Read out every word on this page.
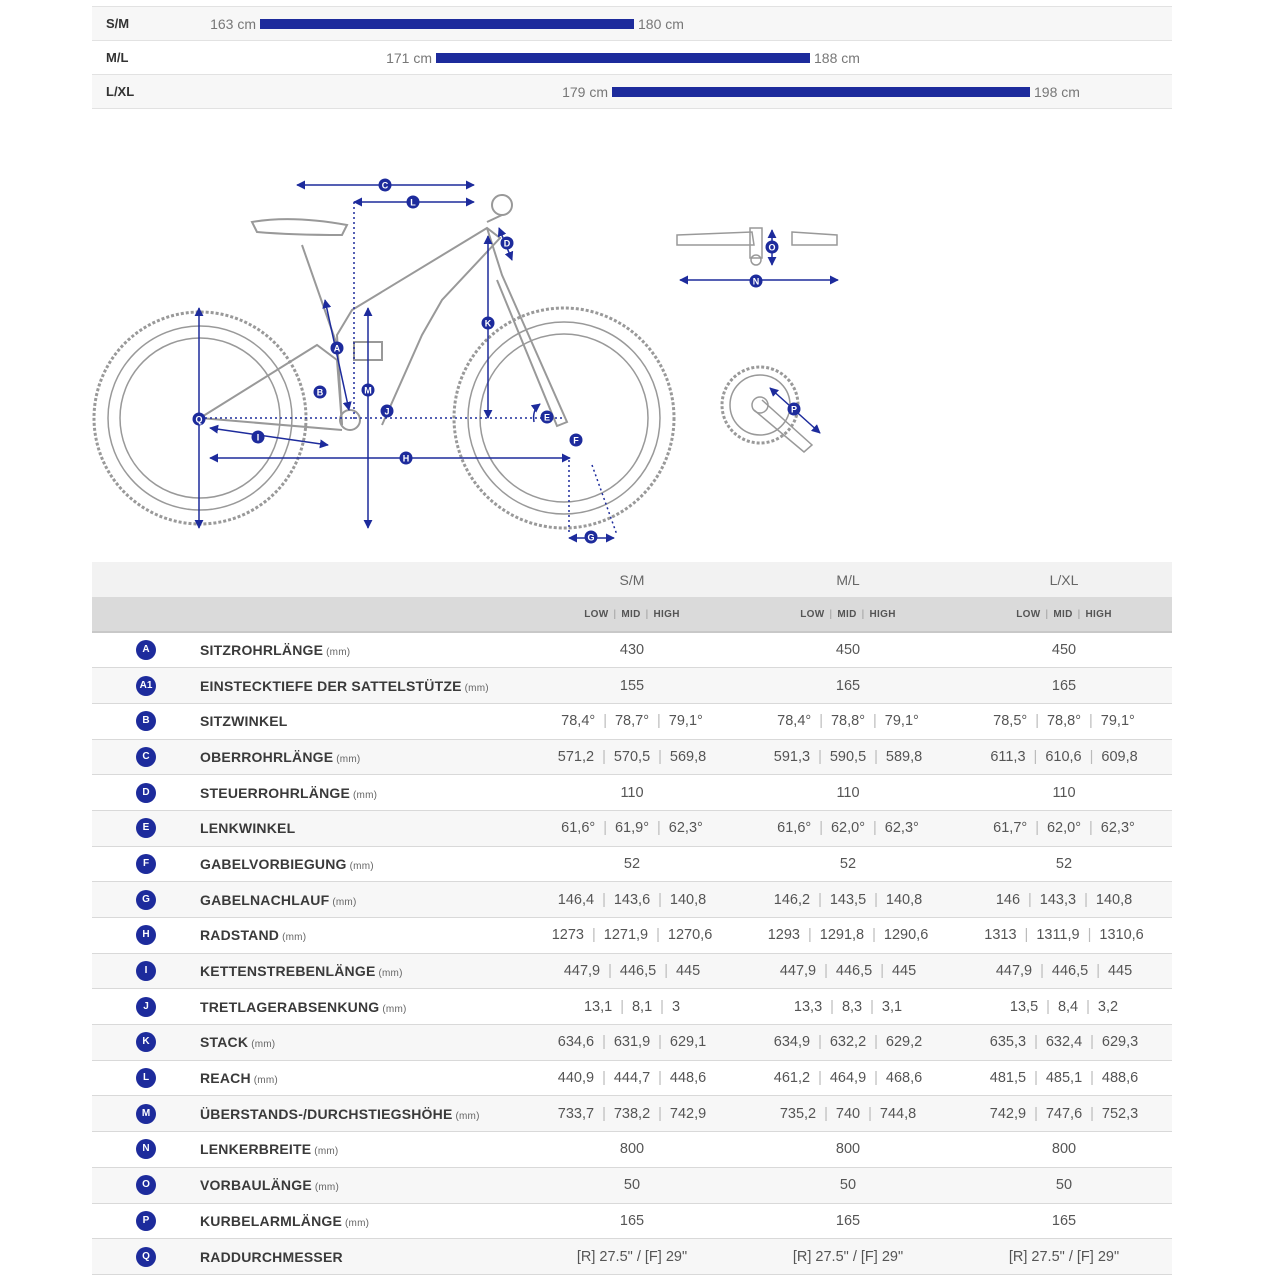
S/M	163 cm	180 cm
M/L	171 cm	188 cm
L/XL	179 cm	198 cm
A
B
C
D
E
F
G
H
I
J
K
L
M
N
O
P
Q
		S/M	M/L	L/XL
		LOW | MID | HIGH	LOW | MID | HIGH	LOW | MID | HIGH
A	SITZROHRLÄNGE (mm)	430	450	450
A1	EINSTECKTIEFE DER SATTELSTÜTZE (mm)	155	165	165
B	SITZWINKEL	78,4° | 78,7° | 79,1°	78,4° | 78,8° | 79,1°	78,5° | 78,8° | 79,1°
C	OBERROHRLÄNGE (mm)	571,2 | 570,5 | 569,8	591,3 | 590,5 | 589,8	611,3 | 610,6 | 609,8
D	STEUERROHRLÄNGE (mm)	110	110	110
E	LENKWINKEL	61,6° | 61,9° | 62,3°	61,6° | 62,0° | 62,3°	61,7° | 62,0° | 62,3°
F	GABELVORBIEGUNG (mm)	52	52	52
G	GABELNACHLAUF (mm)	146,4 | 143,6 | 140,8	146,2 | 143,5 | 140,8	146 | 143,3 | 140,8
H	RADSTAND (mm)	1273 | 1271,9 | 1270,6	1293 | 1291,8 | 1290,6	1313 | 1311,9 | 1310,6
I	KETTENSTREBENLÄNGE (mm)	447,9 | 446,5 | 445	447,9 | 446,5 | 445	447,9 | 446,5 | 445
J	TRETLAGERABSENKUNG (mm)	13,1 | 8,1 | 3	13,3 | 8,3 | 3,1	13,5 | 8,4 | 3,2
K	STACK (mm)	634,6 | 631,9 | 629,1	634,9 | 632,2 | 629,2	635,3 | 632,4 | 629,3
L	REACH (mm)	440,9 | 444,7 | 448,6	461,2 | 464,9 | 468,6	481,5 | 485,1 | 488,6
M	ÜBERSTANDS-/DURCHSTIEGSHÖHE (mm)	733,7 | 738,2 | 742,9	735,2 | 740 | 744,8	742,9 | 747,6 | 752,3
N	LENKERBREITE (mm)	800	800	800
O	VORBAULÄNGE (mm)	50	50	50
P	KURBELARMLÄNGE (mm)	165	165	165
Q	RADDURCHMESSER	[R] 27.5" / [F] 29"	[R] 27.5" / [F] 29"	[R] 27.5" / [F] 29"
